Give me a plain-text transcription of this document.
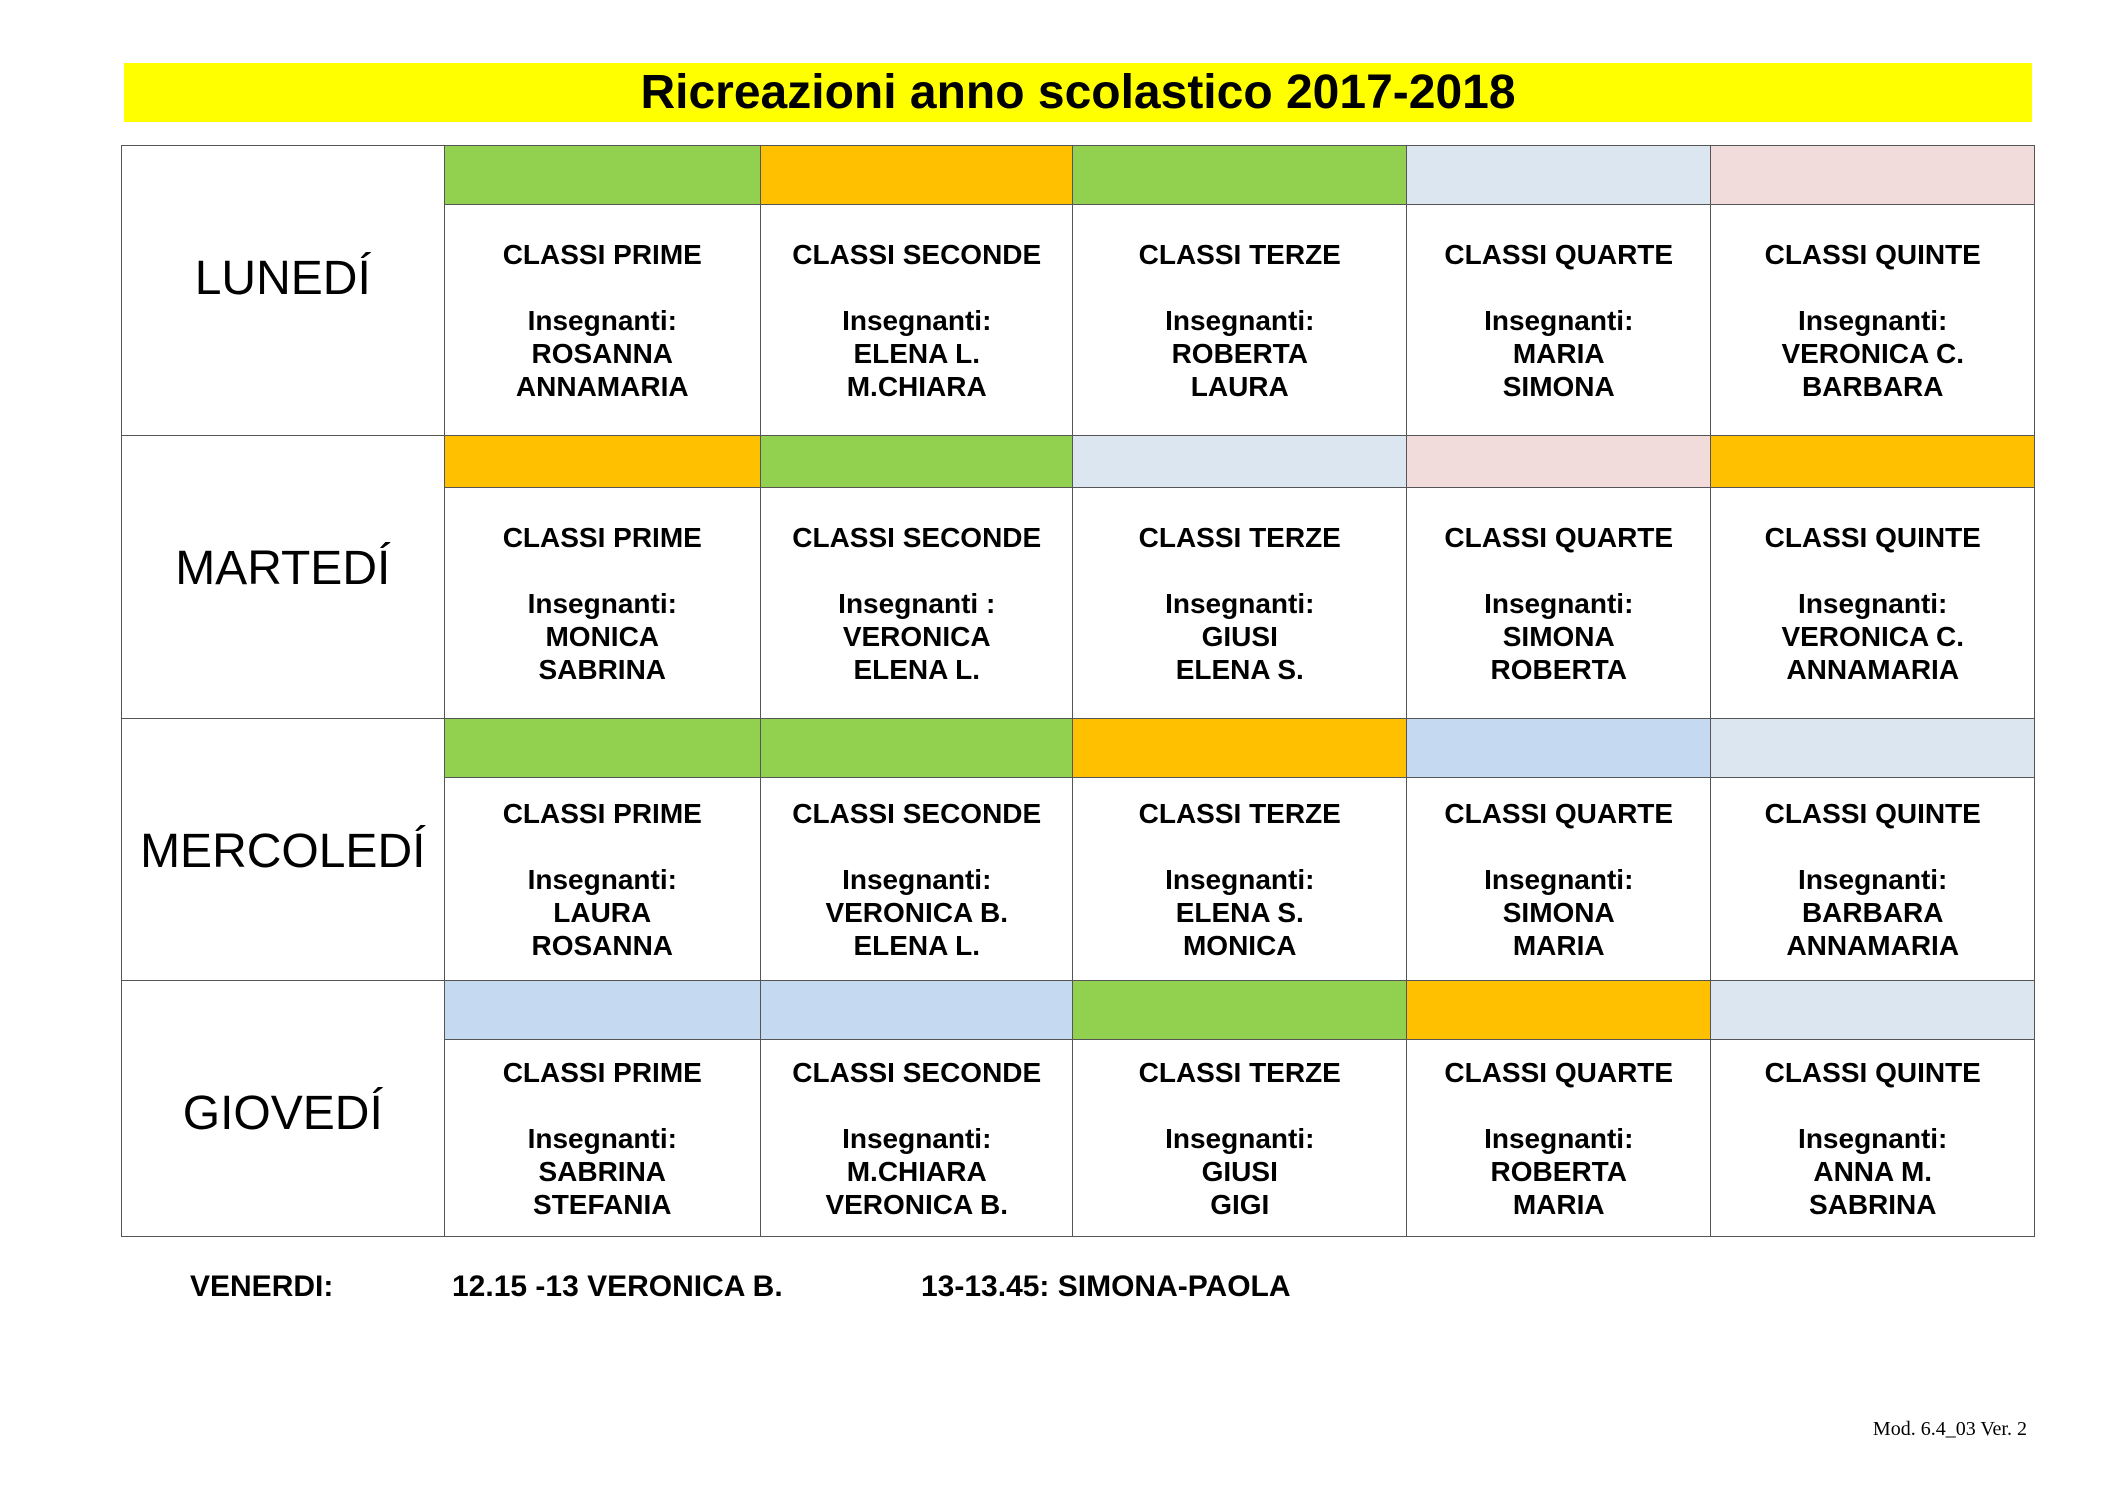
Ricreazioni anno scolastico 2017-2018
LUNEDÍ					

	CLASSI PRIME
Insegnanti:
ROSANNA
ANNAMARIA	CLASSI SECONDE
Insegnanti:
ELENA L.
M.CHIARA	CLASSI TERZE
Insegnanti:
ROBERTA
LAURA	CLASSI QUARTE
Insegnanti:
MARIA
SIMONA	CLASSI QUINTE
Insegnanti:
VERONICA C.
BARBARA

MARTEDÍ					

	CLASSI PRIME
Insegnanti:
MONICA
SABRINA	CLASSI SECONDE
Insegnanti :
VERONICA
ELENA L.	CLASSI TERZE
Insegnanti:
GIUSI
ELENA S.	CLASSI QUARTE
Insegnanti:
SIMONA
ROBERTA	CLASSI QUINTE
Insegnanti:
VERONICA C.
ANNAMARIA

MERCOLEDÍ					

	CLASSI PRIME
Insegnanti:
LAURA
ROSANNA	CLASSI SECONDE
Insegnanti:
VERONICA B.
ELENA L.	CLASSI TERZE
Insegnanti:
ELENA S.
MONICA	CLASSI QUARTE
Insegnanti:
SIMONA
MARIA	CLASSI QUINTE
Insegnanti:
BARBARA
ANNAMARIA

GIOVEDÍ					

	CLASSI PRIME
Insegnanti:
SABRINA
STEFANIA	CLASSI SECONDE
Insegnanti:
M.CHIARA
VERONICA B.	CLASSI TERZE
Insegnanti:
GIUSI
GIGI	CLASSI QUARTE
Insegnanti:
ROBERTA
MARIA	CLASSI QUINTE
Insegnanti:
ANNA M.
SABRINA
VENERDI:	12.15 -13 VERONICA B.	13-13.45: SIMONA-PAOLA
Mod. 6.4_03 Ver. 2
